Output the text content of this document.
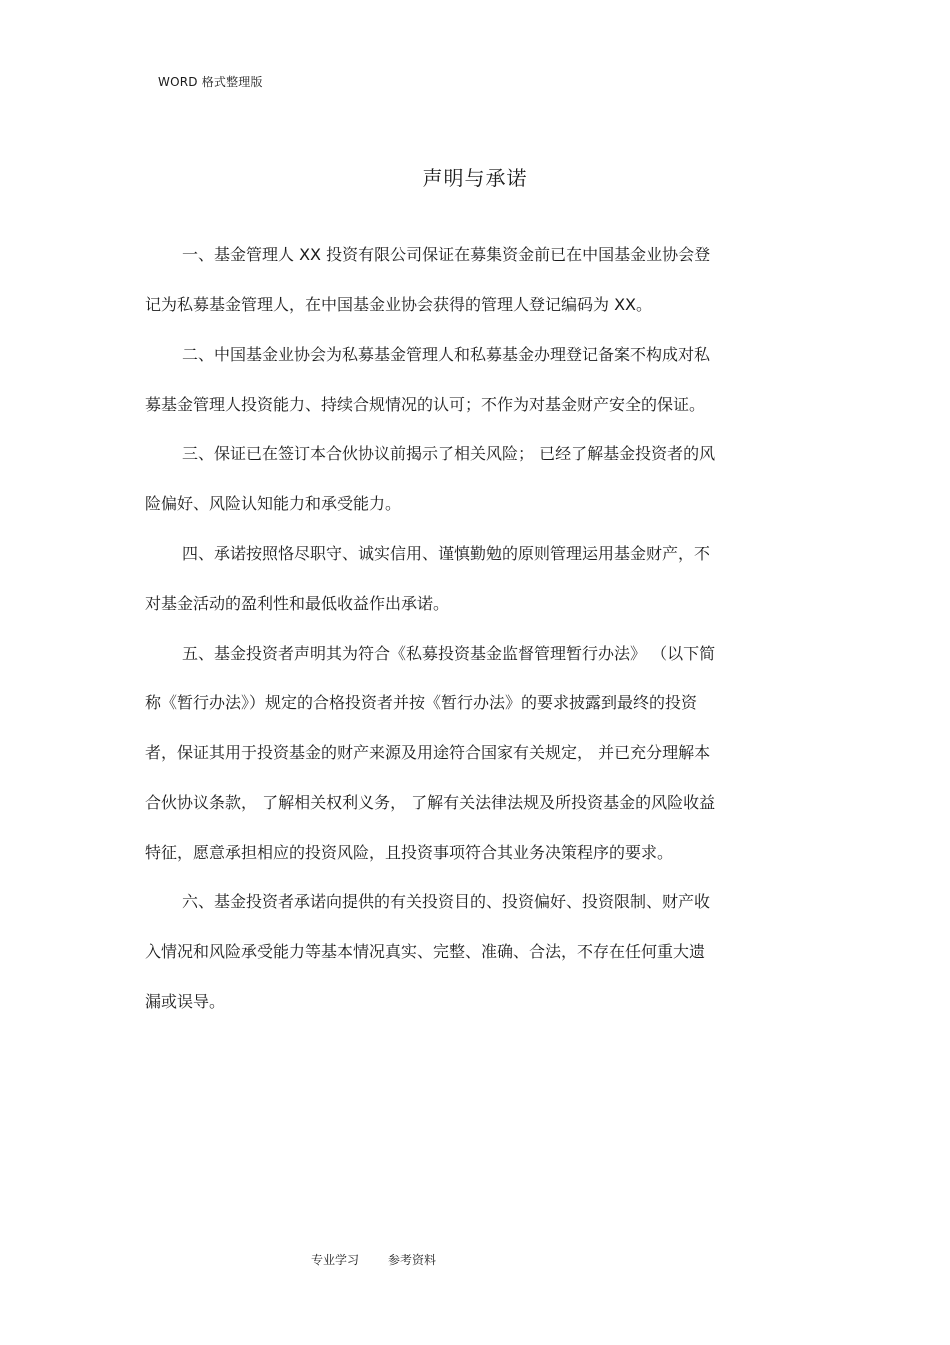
WORD 格式整理版
声明与承诺
一、基金管理人 XX 投资有限公司保证在募集资金前已在中国基金业协会登
记为私募基金管理人，在中国基金业协会获得的管理人登记编码为 XX。
二、中国基金业协会为私募基金管理人和私募基金办理登记备案不构成对私
募基金管理人投资能力、持续合规情况的认可；不作为对基金财产安全的保证。
三、保证已在签订本合伙协议前揭示了相关风险； 已经了解基金投资者的风
险偏好、风险认知能力和承受能力。
四、承诺按照恪尽职守、诚实信用、谨慎勤勉的原则管理运用基金财产，不
对基金活动的盈利性和最低收益作出承诺。
五、基金投资者声明其为符合《私募投资基金监督管理暂行办法》 （以下简
称《暂行办法》）规定的合格投资者并按《暂行办法》的要求披露到最终的投资
者，保证其用于投资基金的财产来源及用途符合国家有关规定， 并已充分理解本
合伙协议条款， 了解相关权利义务， 了解有关法律法规及所投资基金的风险收益
特征，愿意承担相应的投资风险，且投资事项符合其业务决策程序的要求。
六、基金投资者承诺向提供的有关投资目的、投资偏好、投资限制、财产收
入情况和风险承受能力等基本情况真实、完整、准确、合法，不存在任何重大遗
漏或误导。
专业学习 参考资料
